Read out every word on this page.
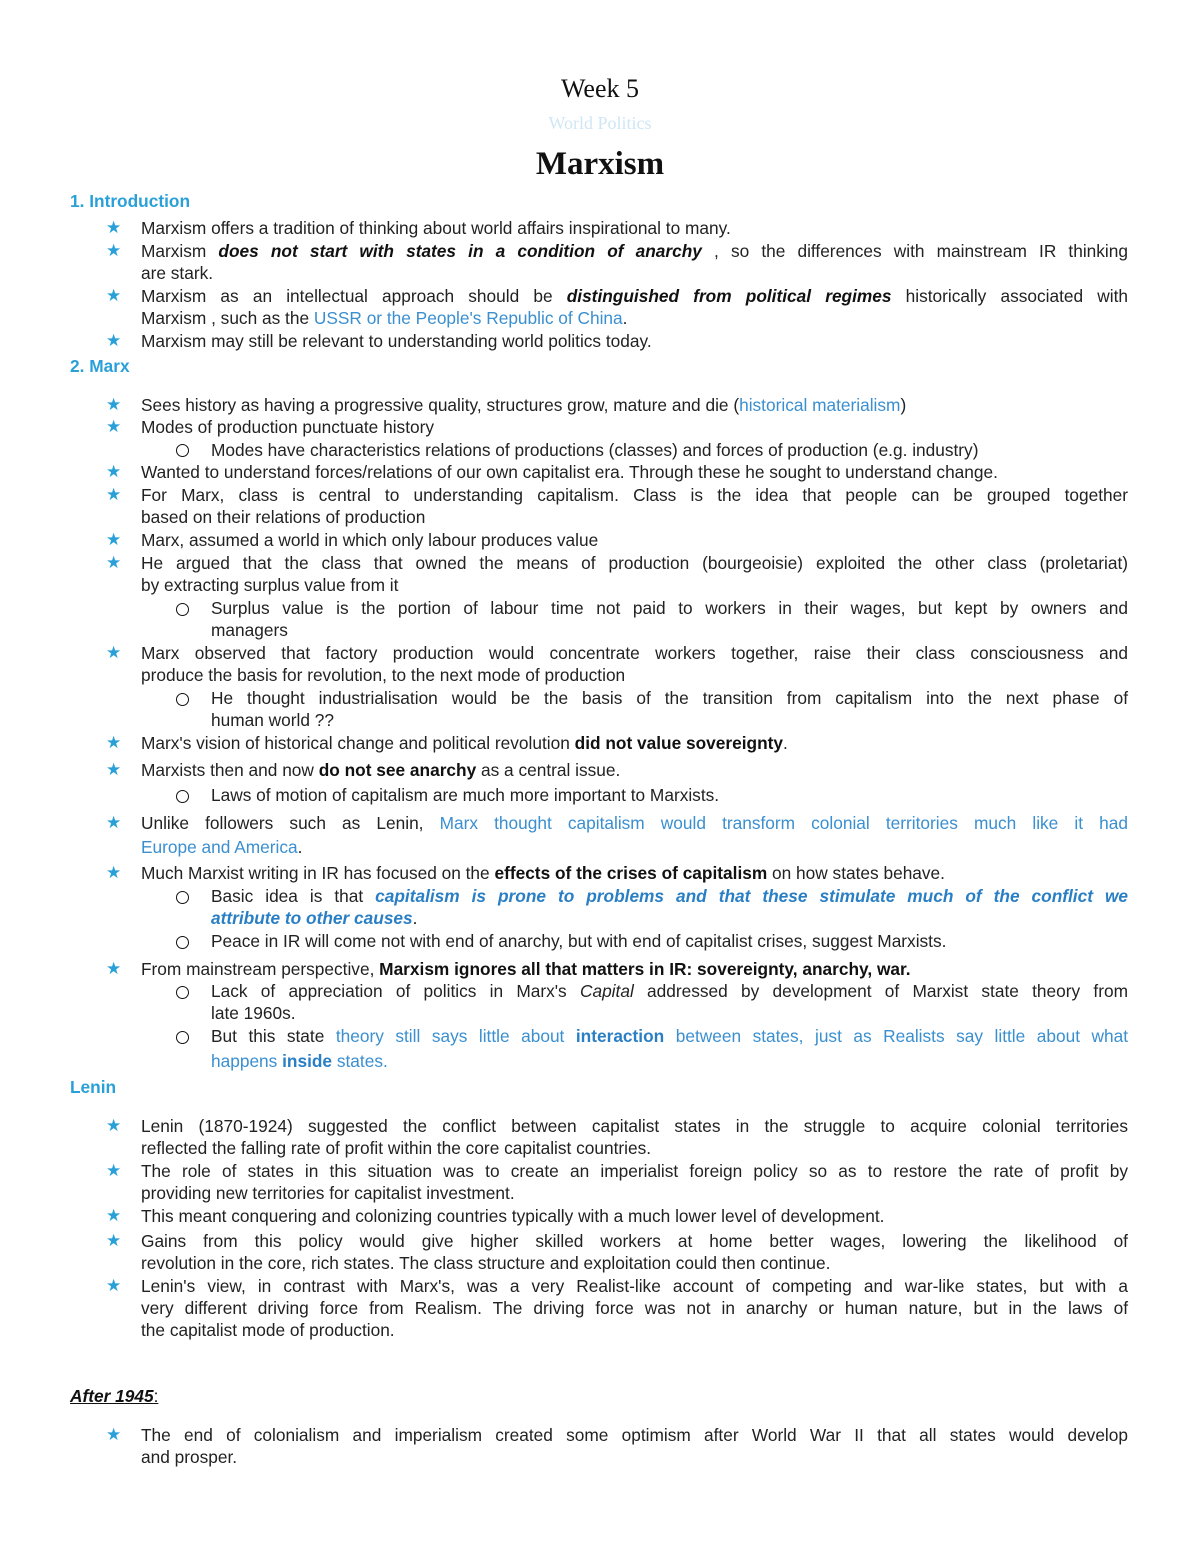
Week 5
World Politics
Marxism
1. Introduction
★ Marxism offers a tradition of thinking about world affairs inspirational to many.
★ Marxism does not start with states in a condition of anarchy , so the differences with mainstream IR thinking
are stark.
★ Marxism as an intellectual approach should be distinguished from political regimes historically associated with
Marxism , such as the USSR or the People's Republic of China.
★ Marxism may still be relevant to understanding world politics today.
2. Marx
★ Sees history as having a progressive quality, structures grow, mature and die (historical materialism)
★ Modes of production punctuate history
Modes have characteristics relations of productions (classes) and forces of production (e.g. industry)
★ Wanted to understand forces/relations of our own capitalist era. Through these he sought to understand change.
★ For Marx, class is central to understanding capitalism. Class is the idea that people can be grouped together
based on their relations of production
★ Marx, assumed a world in which only labour produces value
★ He argued that the class that owned the means of production (bourgeoisie) exploited the other class (proletariat)
by extracting surplus value from it
Surplus value is the portion of labour time not paid to workers in their wages, but kept by owners and
managers
★ Marx observed that factory production would concentrate workers together, raise their class consciousness and
produce the basis for revolution, to the next mode of production
He thought industrialisation would be the basis of the transition from capitalism into the next phase of
human world ??
★ Marx's vision of historical change and political revolution did not value sovereignty.
★ Marxists then and now do not see anarchy as a central issue.
Laws of motion of capitalism are much more important to Marxists.
★ Unlike followers such as Lenin, Marx thought capitalism would transform colonial territories much like it had
Europe and America.
★ Much Marxist writing in IR has focused on the effects of the crises of capitalism on how states behave.
Basic idea is that capitalism is prone to problems and that these stimulate much of the conflict we
attribute to other causes.
Peace in IR will come not with end of anarchy, but with end of capitalist crises, suggest Marxists.
★ From mainstream perspective, Marxism ignores all that matters in IR: sovereignty, anarchy, war.
Lack of appreciation of politics in Marx's Capital addressed by development of Marxist state theory from
late 1960s.
But this state theory still says little about interaction between states, just as Realists say little about what
happens inside states.
Lenin
★ Lenin (1870-1924) suggested the conflict between capitalist states in the struggle to acquire colonial territories
reflected the falling rate of profit within the core capitalist countries.
★ The role of states in this situation was to create an imperialist foreign policy so as to restore the rate of profit by
providing new territories for capitalist investment.
★ This meant conquering and colonizing countries typically with a much lower level of development.
★ Gains from this policy would give higher skilled workers at home better wages, lowering the likelihood of
revolution in the core, rich states. The class structure and exploitation could then continue.
★ Lenin's view, in contrast with Marx's, was a very Realist-like account of competing and war-like states, but with a
very different driving force from Realism. The driving force was not in anarchy or human nature, but in the laws of
the capitalist mode of production.
After 1945:
★ The end of colonialism and imperialism created some optimism after World War II that all states would develop
and prosper.
